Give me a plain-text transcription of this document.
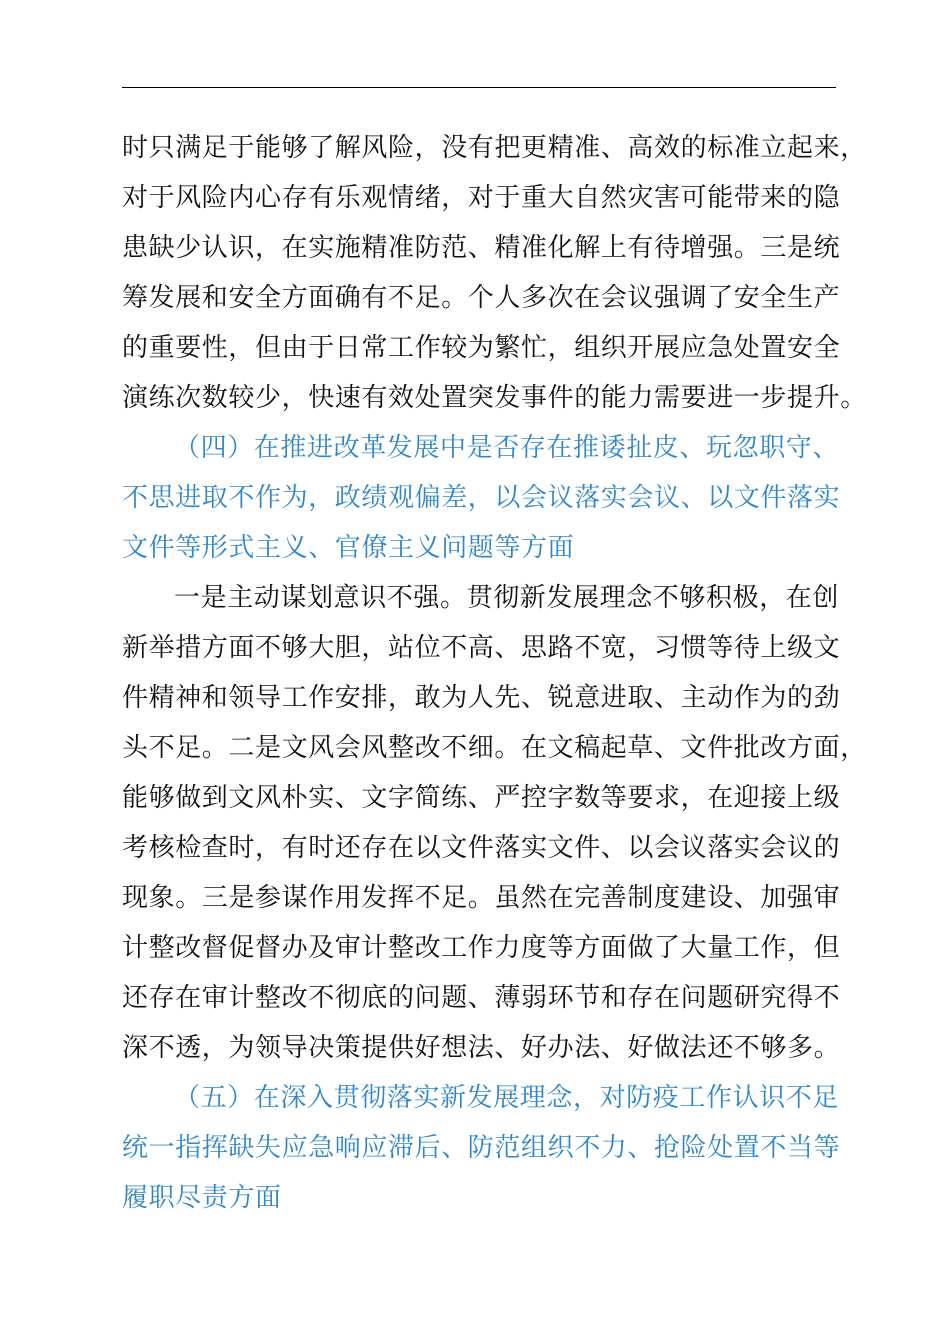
时只满足于能够了解风险，没有把更精准、高效的标准立起来，
对于风险内心存有乐观情绪，对于重大自然灾害可能带来的隐
患缺少认识，在实施精准防范、精准化解上有待增强。三是统
筹发展和安全方面确有不足。个人多次在会议强调了安全生产
的重要性，但由于日常工作较为繁忙，组织开展应急处置安全
演练次数较少，快速有效处置突发事件的能力需要进一步提升。
（四）在推进改革发展中是否存在推诿扯皮、玩忽职守、
不思进取不作为，政绩观偏差，以会议落实会议、以文件落实
文件等形式主义、官僚主义问题等方面
一是主动谋划意识不强。贯彻新发展理念不够积极，在创
新举措方面不够大胆，站位不高、思路不宽，习惯等待上级文
件精神和领导工作安排，敢为人先、锐意进取、主动作为的劲
头不足。二是文风会风整改不细。在文稿起草、文件批改方面，
能够做到文风朴实、文字简练、严控字数等要求，在迎接上级
考核检查时，有时还存在以文件落实文件、以会议落实会议的
现象。三是参谋作用发挥不足。虽然在完善制度建设、加强审
计整改督促督办及审计整改工作力度等方面做了大量工作，但
还存在审计整改不彻底的问题、薄弱环节和存在问题研究得不
深不透，为领导决策提供好想法、好办法、好做法还不够多。
（五）在深入贯彻落实新发展理念，对防疫工作认识不足
统一指挥缺失应急响应滞后、防范组织不力、抢险处置不当等
履职尽责方面
